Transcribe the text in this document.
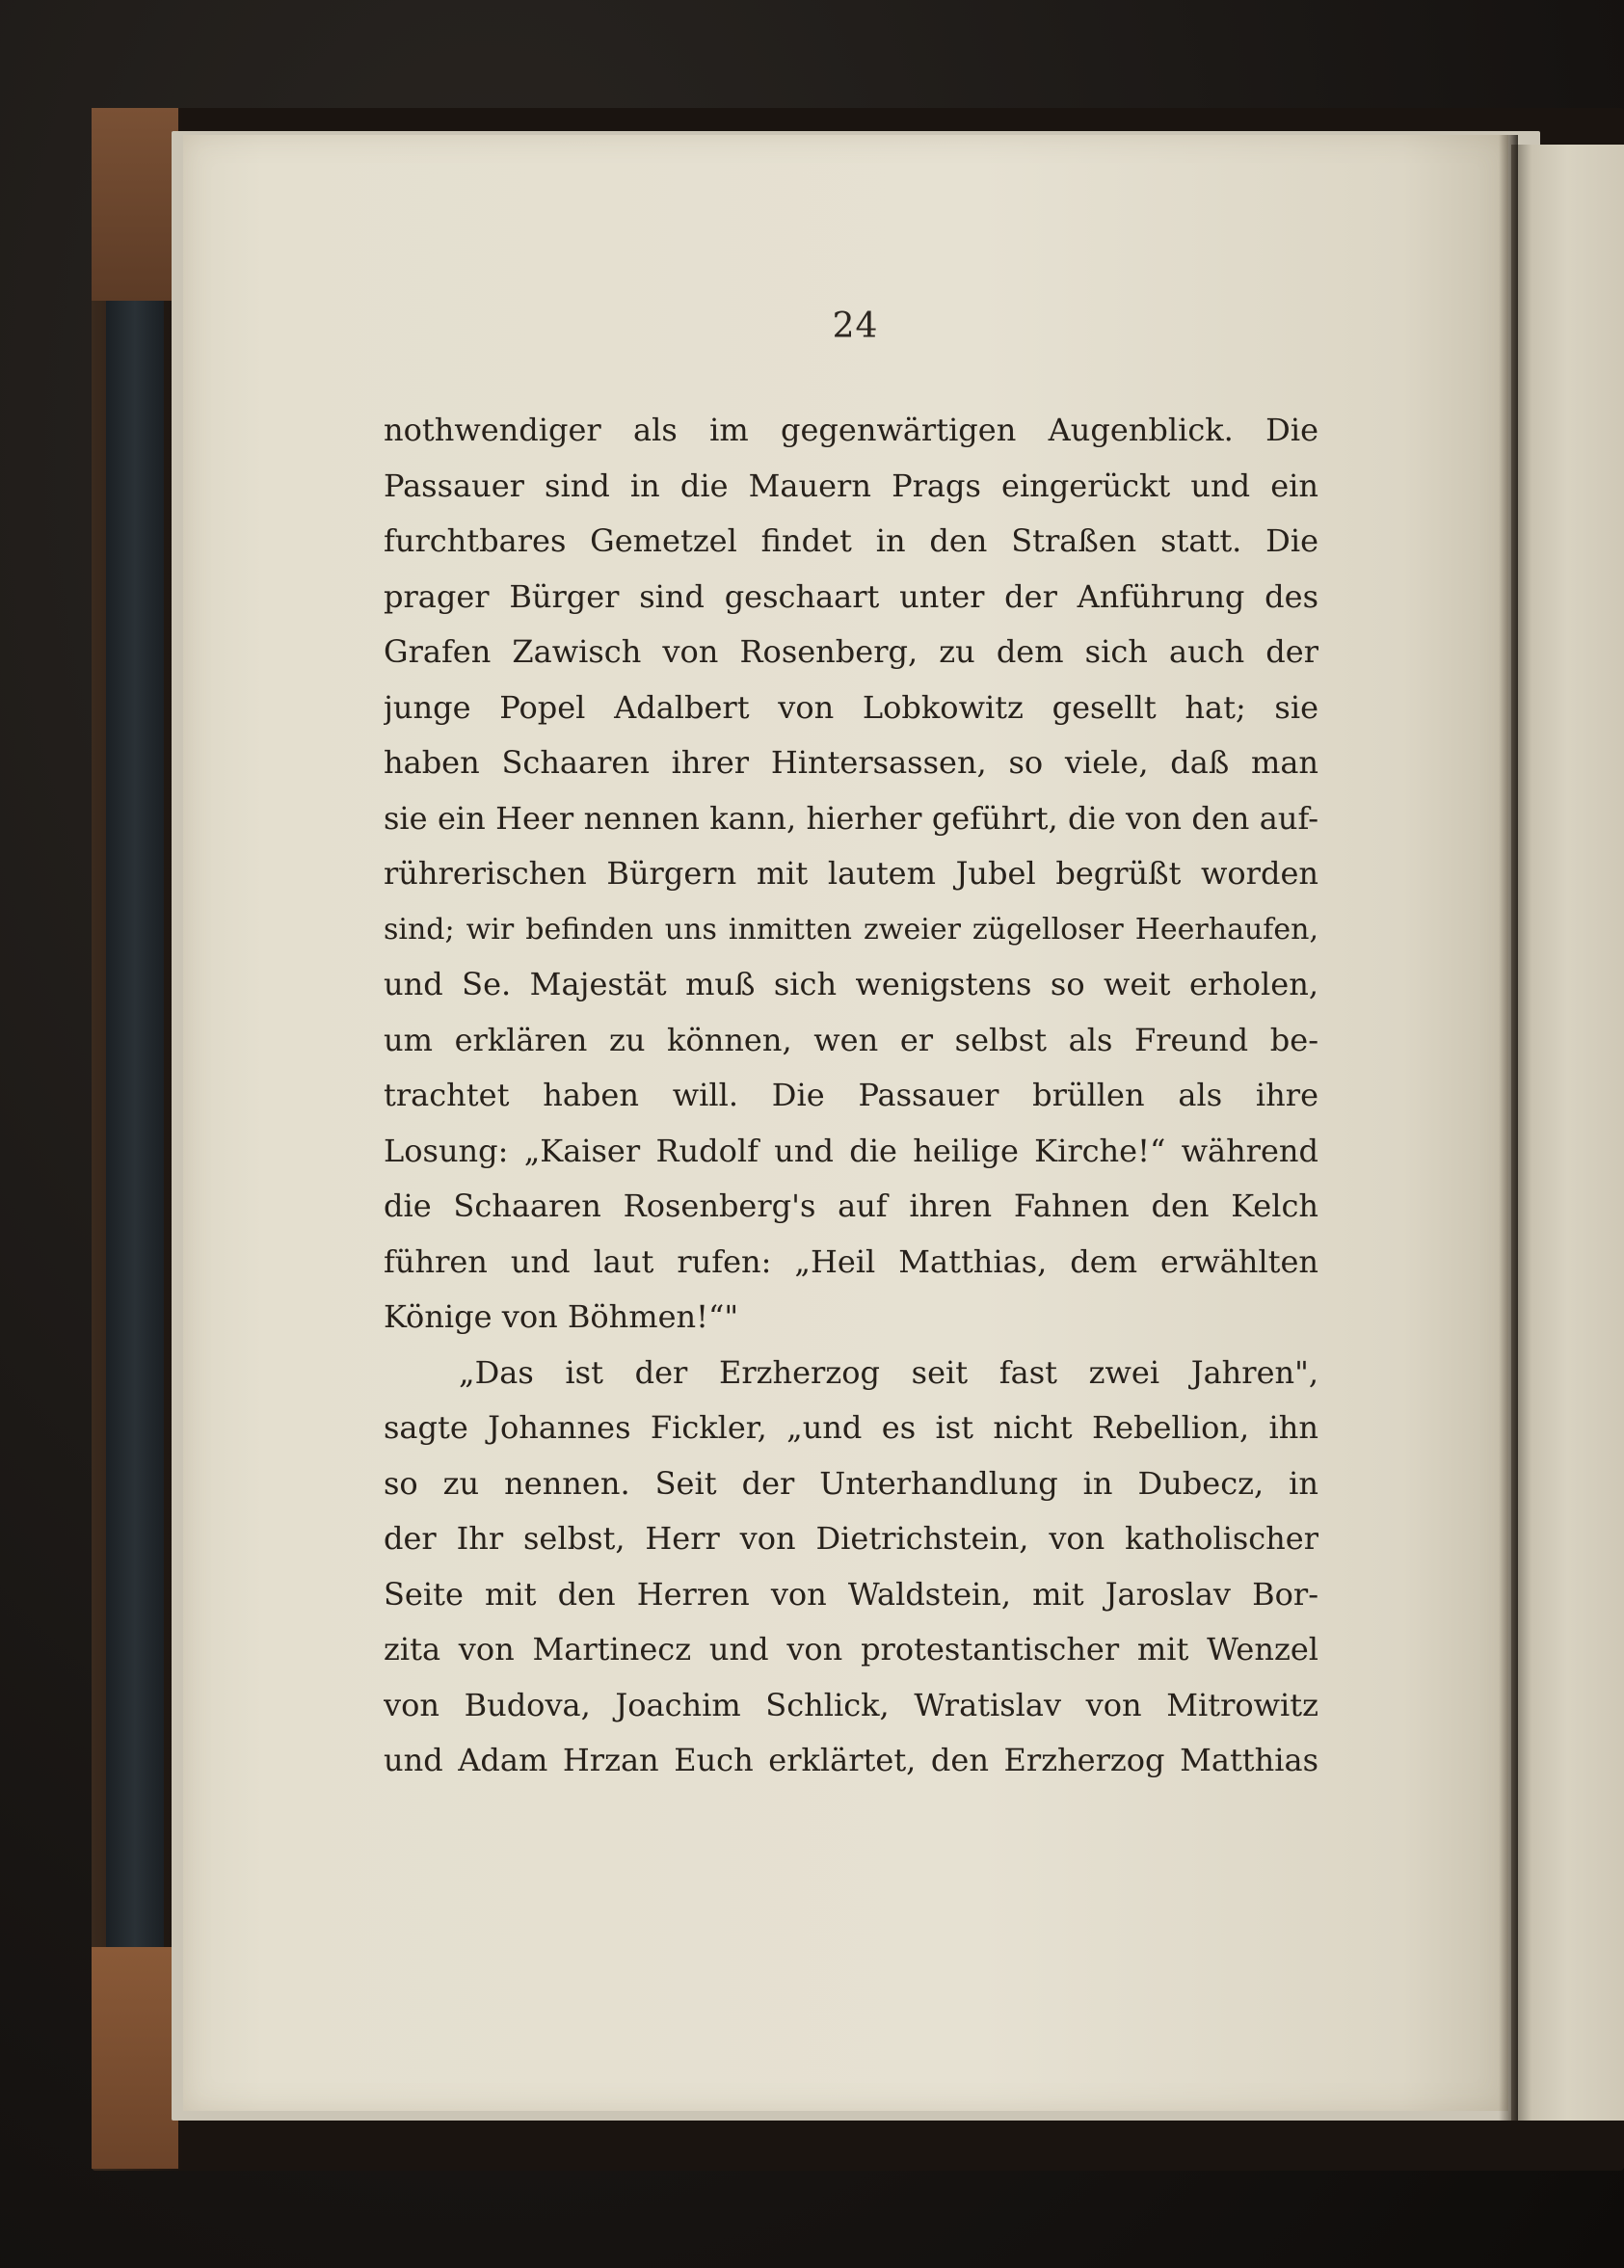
24
nothwendiger als im gegenwärtigen Augenblick. Die
Passauer sind in die Mauern Prags eingerückt und ein
furchtbares Gemetzel findet in den Straßen statt. Die
prager Bürger sind geschaart unter der Anführung des
Grafen Zawisch von Rosenberg, zu dem sich auch der
junge Popel Adalbert von Lobkowitz gesellt hat; sie
haben Schaaren ihrer Hintersassen, so viele, daß man
sie ein Heer nennen kann, hierher geführt, die von den auf-
rührerischen Bürgern mit lautem Jubel begrüßt worden
sind; wir befinden uns inmitten zweier zügelloser Heerhaufen,
und Se. Majestät muß sich wenigstens so weit erholen,
um erklären zu können, wen er selbst als Freund be-
trachtet haben will. Die Passauer brüllen als ihre
Losung: „Kaiser Rudolf und die heilige Kirche!“ während
die Schaaren Rosenberg's auf ihren Fahnen den Kelch
führen und laut rufen: „Heil Matthias, dem erwählten
Könige von Böhmen!“"
„Das ist der Erzherzog seit fast zwei Jahren",
sagte Johannes Fickler, „und es ist nicht Rebellion, ihn
so zu nennen. Seit der Unterhandlung in Dubecz, in
der Ihr selbst, Herr von Dietrichstein, von katholischer
Seite mit den Herren von Waldstein, mit Jaroslav Bor-
zita von Martinecz und von protestantischer mit Wenzel
von Budova, Joachim Schlick, Wratislav von Mitrowitz
und Adam Hrzan Euch erklärtet, den Erzherzog Matthias
